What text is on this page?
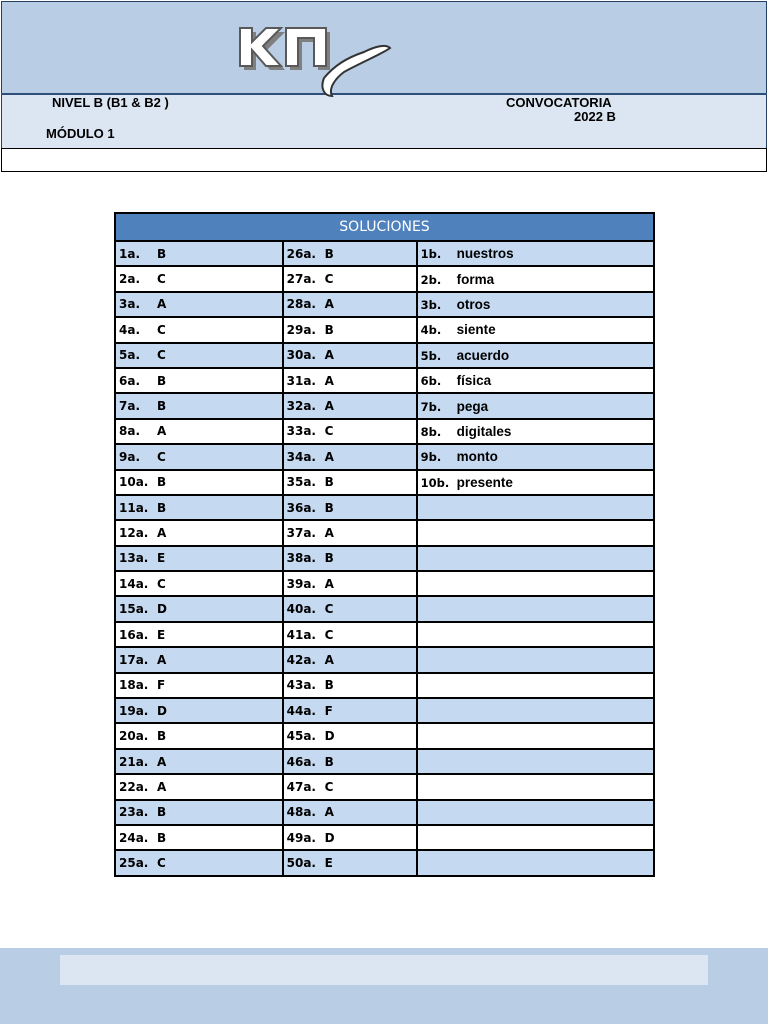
NIVEL B (B1 & B2 )
MÓDULO 1
CONVOCATORIA
2022 B
SOLUCIONES		
1a. B	26a. B	1b. nuestros
2a. C	27a. C	2b. forma
3a. A	28a. A	3b. otros
4a. C	29a. B	4b. siente
5a. C	30a. A	5b. acuerdo
6a. B	31a. A	6b. física
7a. B	32a. A	7b. pega
8a. A	33a. C	8b. digitales
9a. C	34a. A	9b. monto
10a. B	35a. B	10b. presente
11a. B	36a. B	
12a. A	37a. A	
13a. E	38a. B	
14a. C	39a. A	
15a. D	40a. C	
16a. E	41a. C	
17a. A	42a. A	
18a. F	43a. B	
19a. D	44a. F	
20a. B	45a. D	
21a. A	46a. B	
22a. A	47a. C	
23a. B	48a. A	
24a. B	49a. D	
25a. C	50a. E	
